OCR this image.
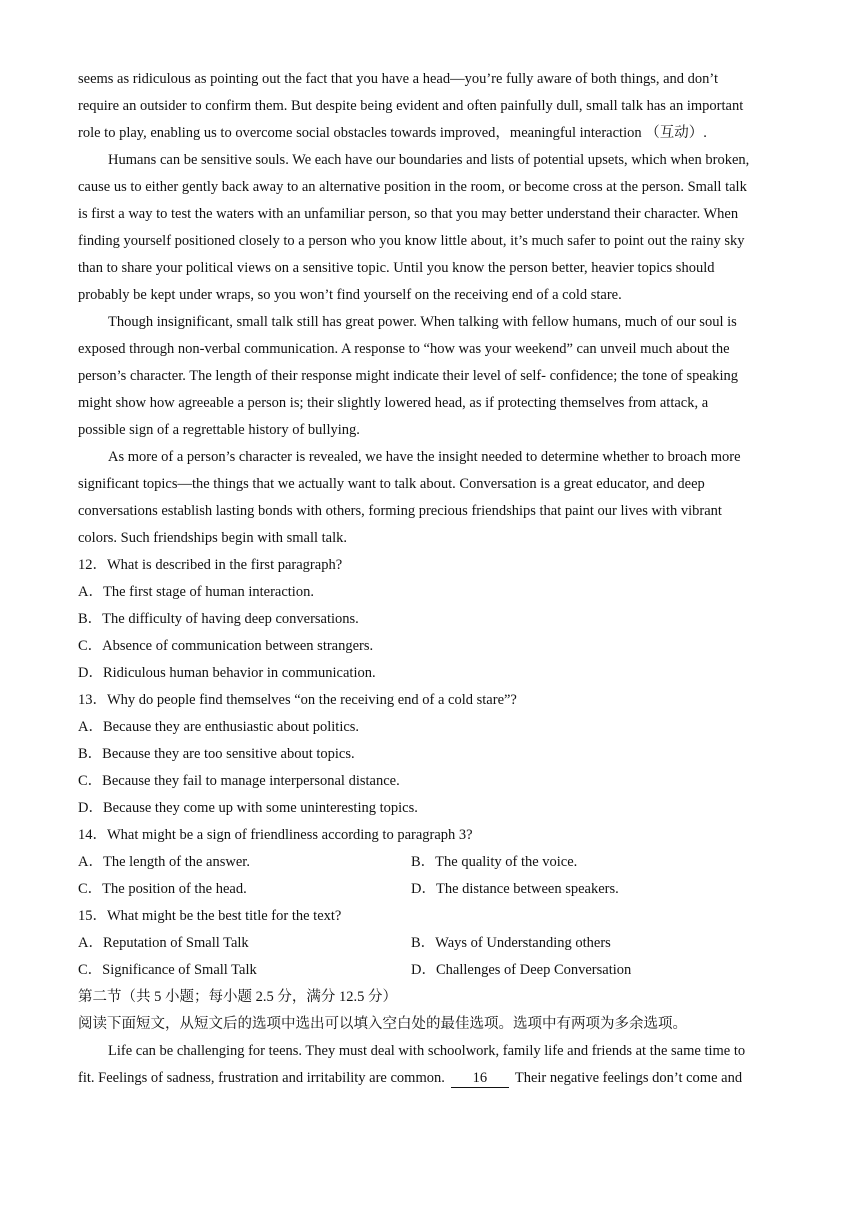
seems as ridiculous as pointing out the fact that you have a head—you’re fully aware of both things, and don’t
require an outsider to confirm them. But despite being evident and often painfully dull, small talk has an important
role to play, enabling us to overcome social obstacles towards improved，meaningful interaction （互动）.
Humans can be sensitive souls. We each have our boundaries and lists of potential upsets, which when broken,
cause us to either gently back away to an alternative position in the room, or become cross at the person. Small talk
is first a way to test the waters with an unfamiliar person, so that you may better understand their character. When
finding yourself positioned closely to a person who you know little about, it’s much safer to point out the rainy sky
than to share your political views on a sensitive topic. Until you know the person better, heavier topics should
probably be kept under wraps, so you won’t find yourself on the receiving end of a cold stare.
Though insignificant, small talk still has great power. When talking with fellow humans, much of our soul is
exposed through non-verbal communication. A response to “how was your weekend” can unveil much about the
person’s character. The length of their response might indicate their level of self- confidence; the tone of speaking
might show how agreeable a person is; their slightly lowered head, as if protecting themselves from attack, a
possible sign of a regrettable history of bullying.
As more of a person’s character is revealed, we have the insight needed to determine whether to broach more
significant topics—the things that we actually want to talk about. Conversation is a great educator, and deep
conversations establish lasting bonds with others, forming precious friendships that paint our lives with vibrant
colors. Such friendships begin with small talk.
12．What is described in the first paragraph?
A．The first stage of human interaction.
B．The difficulty of having deep conversations.
C．Absence of communication between strangers.
D．Ridiculous human behavior in communication.
13．Why do people find themselves “on the receiving end of a cold stare”?
A．Because they are enthusiastic about politics.
B．Because they are too sensitive about topics.
C．Because they fail to manage interpersonal distance.
D．Because they come up with some uninteresting topics.
14．What might be a sign of friendliness according to paragraph 3?
A．The length of the answer.	B．The quality of the voice.
C．The position of the head.	D．The distance between speakers.
15．What might be the best title for the text?
A．Reputation of Small Talk	B．Ways of Understanding others
C．Significance of Small Talk	D．Challenges of Deep Conversation
第二节（共 5 小题；每小题 2.5 分，满分 12.5 分）
阅读下面短文，从短文后的选项中选出可以填入空白处的最佳选项。选项中有两项为多余选项。
Life can be challenging for teens. They must deal with schoolwork, family life and friends at the same time to
fit. Feelings of sadness, frustration and irritability are common. 16 Their negative feelings don’t come and
